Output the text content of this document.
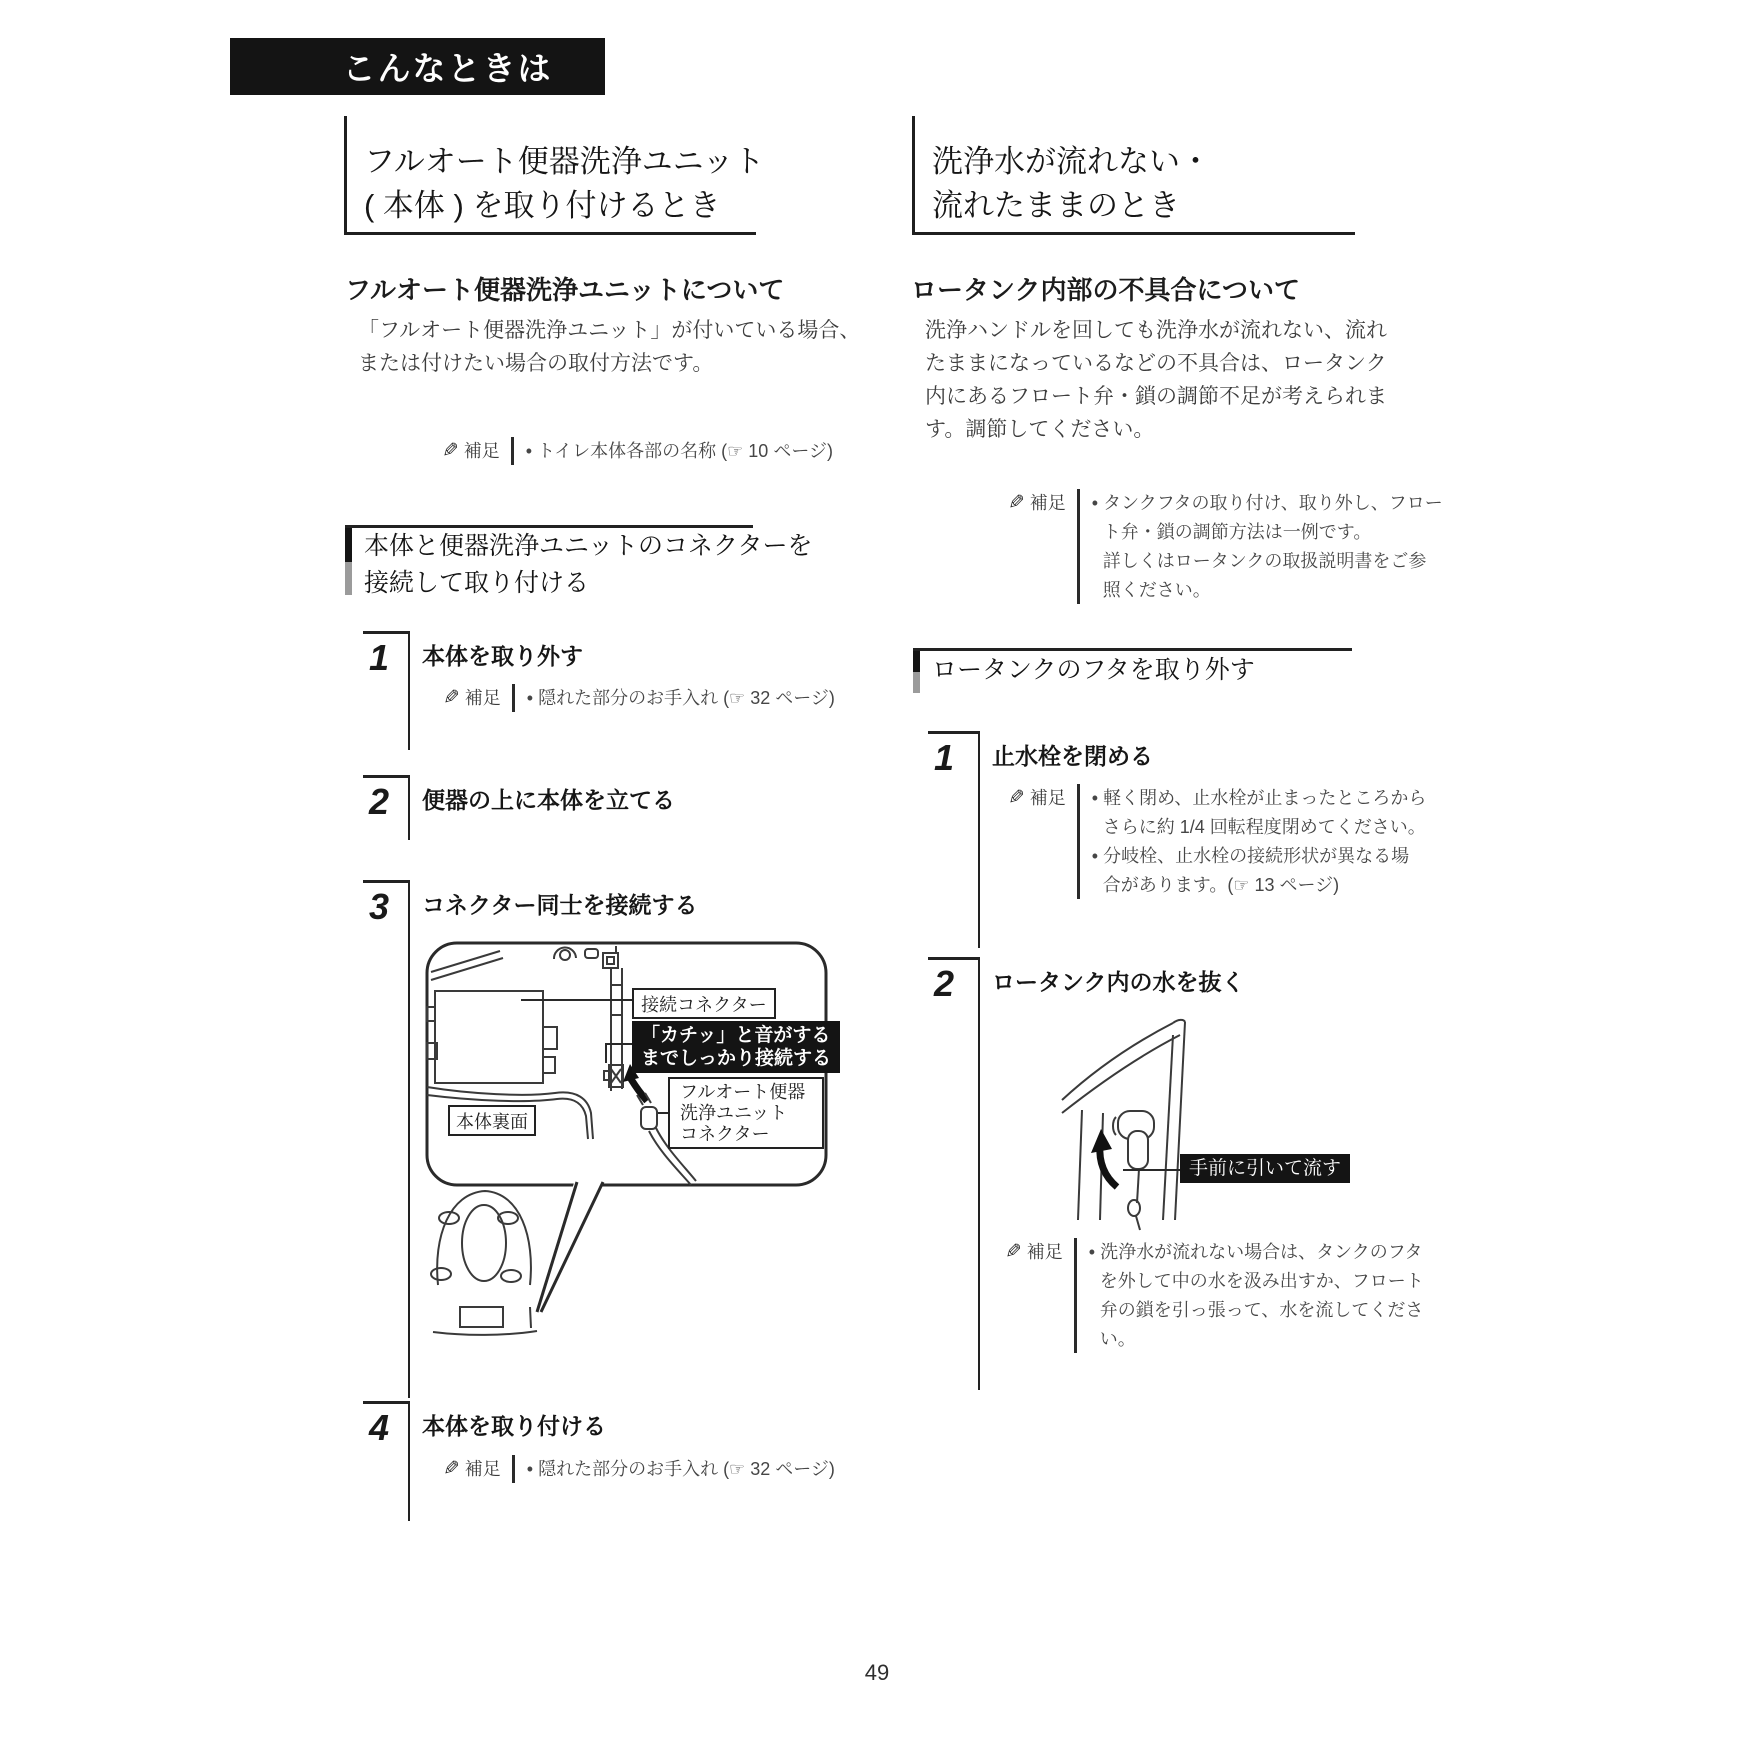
こんなときは
フルオート便器洗浄ユニット
( 本体 ) を取り付けるとき
フルオート便器洗浄ユニットについて
「フルオート便器洗浄ユニット」が付いている場合、
または付けたい場合の取付方法です。
✎ 補足 • トイレ本体各部の名称 (☞ 10 ページ)
本体と便器洗浄ユニットのコネクターを
接続して取り付ける
1	本体を取り外す
✎ 補足 • 隠れた部分のお手入れ (☞ 32 ページ)
2	便器の上に本体を立てる
3	コネクター同士を接続する
接続コネクター
「カチッ」と音がする
までしっかり接続する
フルオート便器
洗浄ユニット
コネクター
本体裏面
4	本体を取り付ける
✎ 補足 • 隠れた部分のお手入れ (☞ 32 ページ)
洗浄水が流れない・
流れたままのとき
ロータンク内部の不具合について
洗浄ハンドルを回しても洗浄水が流れない、流れ
たままになっているなどの不具合は、ロータンク
内にあるフロート弁・鎖の調節不足が考えられま
す。調節してください。
✎ 補足 • タンクフタの取り付け、取り外し、フロー
ト弁・鎖の調節方法は一例です。
詳しくはロータンクの取扱説明書をご参
照ください。
ロータンクのフタを取り外す
1	止水栓を閉める
✎ 補足 • 軽く閉め、止水栓が止まったところから
さらに約 1/4 回転程度閉めてください。
• 分岐栓、止水栓の接続形状が異なる場
合があります。(☞ 13 ページ)
2	ロータンク内の水を抜く
手前に引いて流す
✎ 補足 • 洗浄水が流れない場合は、タンクのフタ
を外して中の水を汲み出すか、フロート
弁の鎖を引っ張って、水を流してくださ
い。
49
